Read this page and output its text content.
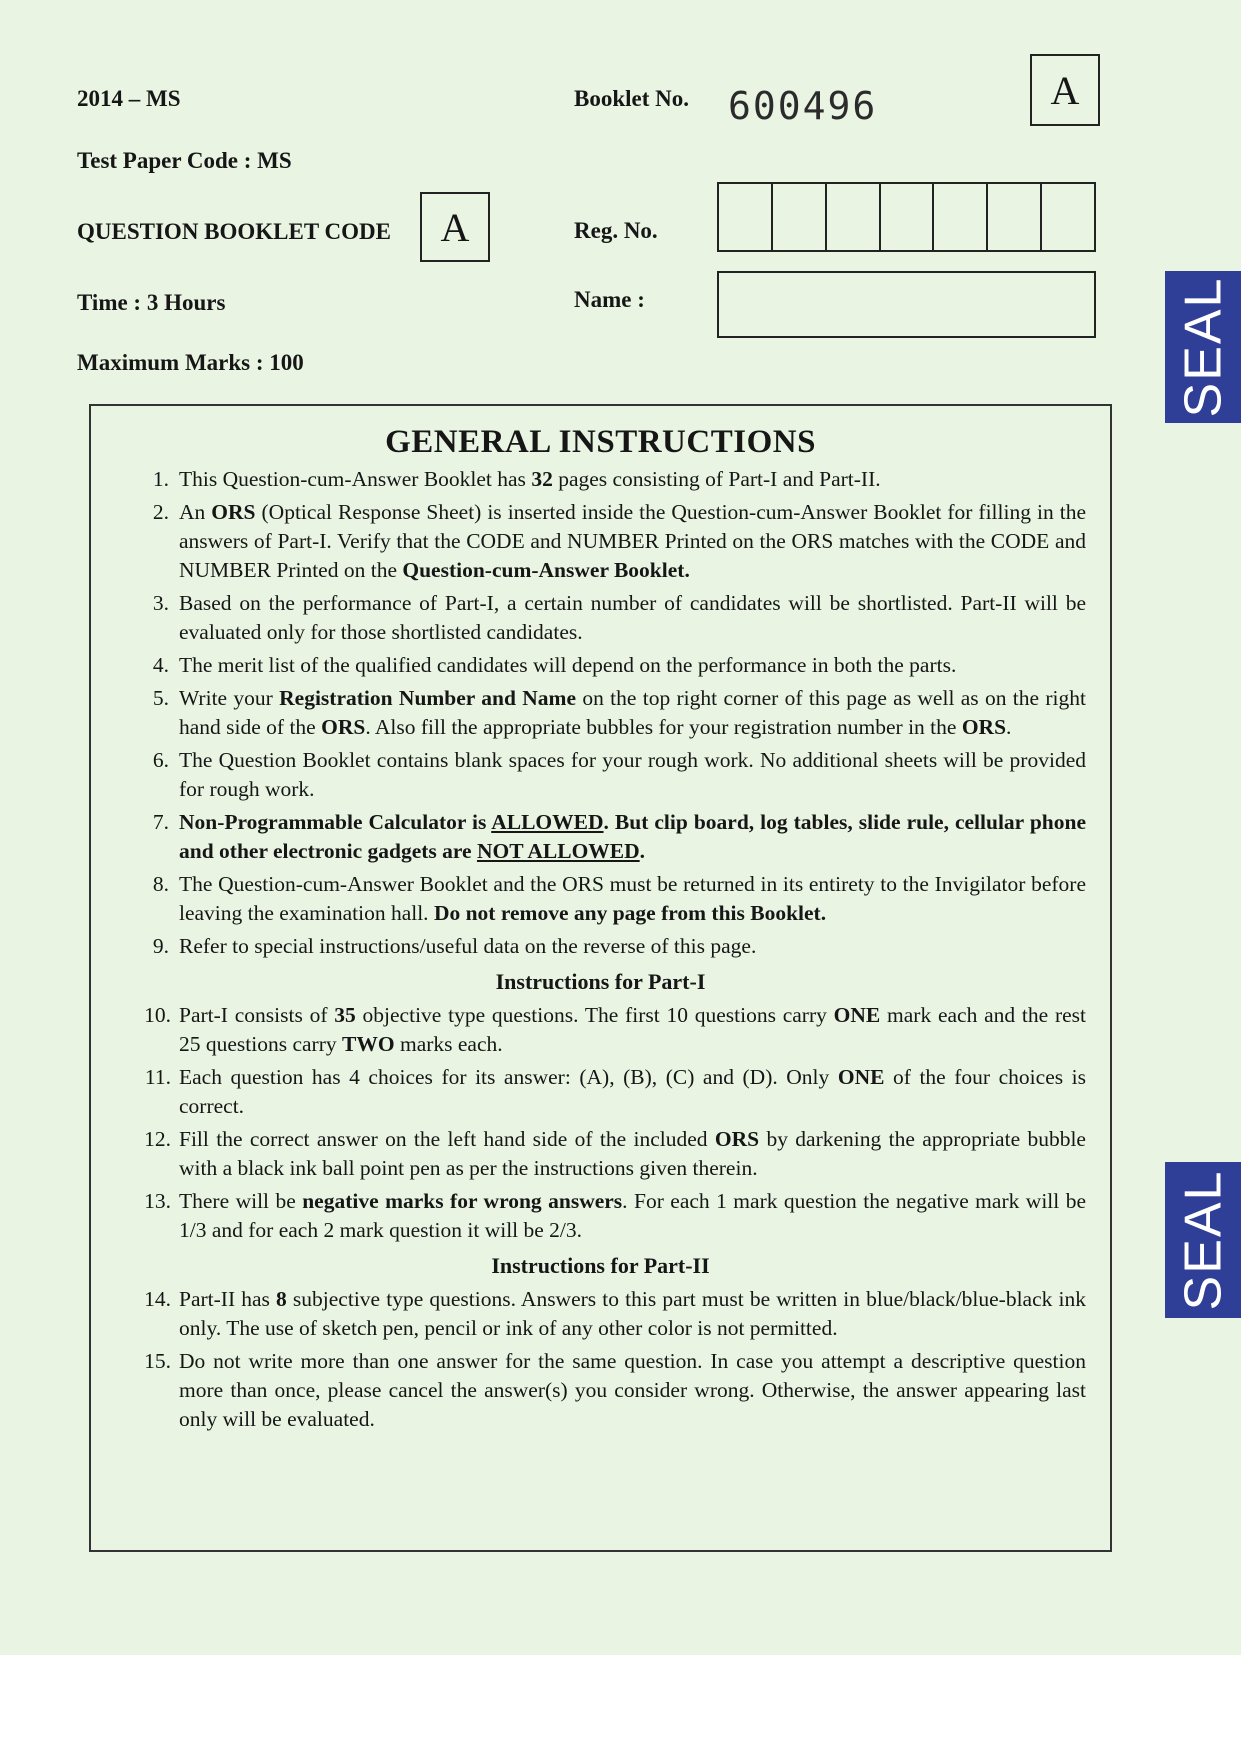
2014 – MS
Test Paper Code : MS
QUESTION BOOKLET CODE	A
Time : 3 Hours
Maximum Marks : 100
Booklet No. 600496	A
Reg. No.
Name :
GENERAL INSTRUCTIONS
1. This Question-cum-Answer Booklet has 32 pages consisting of Part-I and Part-II.
2. An ORS (Optical Response Sheet) is inserted inside the Question-cum-Answer Booklet for filling in the answers of Part-I. Verify that the CODE and NUMBER Printed on the ORS matches with the CODE and NUMBER Printed on the Question-cum-Answer Booklet.
3. Based on the performance of Part-I, a certain number of candidates will be shortlisted. Part-II will be evaluated only for those shortlisted candidates.
4. The merit list of the qualified candidates will depend on the performance in both the parts.
5. Write your Registration Number and Name on the top right corner of this page as well as on the right hand side of the ORS. Also fill the appropriate bubbles for your registration number in the ORS.
6. The Question Booklet contains blank spaces for your rough work. No additional sheets will be provided for rough work.
7. Non-Programmable Calculator is ALLOWED. But clip board, log tables, slide rule, cellular phone and other electronic gadgets are NOT ALLOWED.
8. The Question-cum-Answer Booklet and the ORS must be returned in its entirety to the Invigilator before leaving the examination hall. Do not remove any page from this Booklet.
9. Refer to special instructions/useful data on the reverse of this page.
Instructions for Part-I
10. Part-I consists of 35 objective type questions. The first 10 questions carry ONE mark each and the rest 25 questions carry TWO marks each.
11. Each question has 4 choices for its answer: (A), (B), (C) and (D). Only ONE of the four choices is correct.
12. Fill the correct answer on the left hand side of the included ORS by darkening the appropriate bubble with a black ink ball point pen as per the instructions given therein.
13. There will be negative marks for wrong answers. For each 1 mark question the negative mark will be 1/3 and for each 2 mark question it will be 2/3.
Instructions for Part-II
14. Part-II has 8 subjective type questions. Answers to this part must be written in blue/black/blue-black ink only. The use of sketch pen, pencil or ink of any other color is not permitted.
15. Do not write more than one answer for the same question. In case you attempt a descriptive question more than once, please cancel the answer(s) you consider wrong. Otherwise, the answer appearing last only will be evaluated.
SEAL
SEAL
